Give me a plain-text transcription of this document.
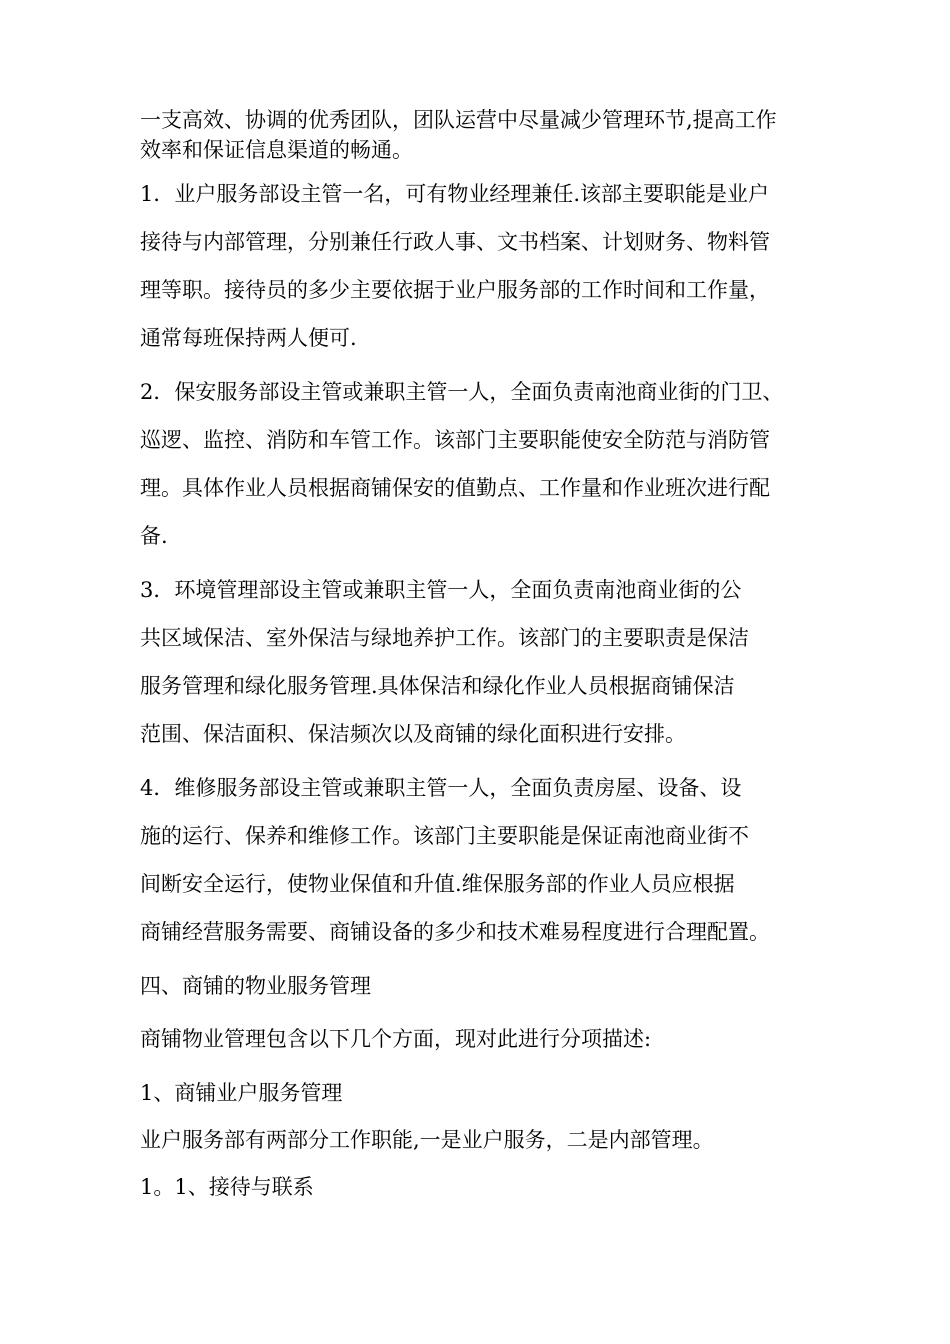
一支高效、协调的优秀团队，团队运营中尽量减少管理环节,提高工作
效率和保证信息渠道的畅通。
1．业户服务部设主管一名，可有物业经理兼任.该部主要职能是业户
接待与内部管理，分别兼任行政人事、文书档案、计划财务、物料管
理等职。接待员的多少主要依据于业户服务部的工作时间和工作量，
通常每班保持两人便可.
2．保安服务部设主管或兼职主管一人，全面负责南池商业街的门卫、
巡逻、监控、消防和车管工作。该部门主要职能使安全防范与消防管
理。具体作业人员根据商铺保安的值勤点、工作量和作业班次进行配
备.
3．环境管理部设主管或兼职主管一人，全面负责南池商业街的公
共区域保洁、室外保洁与绿地养护工作。该部门的主要职责是保洁
服务管理和绿化服务管理.具体保洁和绿化作业人员根据商铺保洁
范围、保洁面积、保洁频次以及商铺的绿化面积进行安排。
4．维修服务部设主管或兼职主管一人，全面负责房屋、设备、设
施的运行、保养和维修工作。该部门主要职能是保证南池商业街不
间断安全运行，使物业保值和升值.维保服务部的作业人员应根据
商铺经营服务需要、商铺设备的多少和技术难易程度进行合理配置。
四、商铺的物业服务管理
商铺物业管理包含以下几个方面，现对此进行分项描述:
1、商铺业户服务管理
业户服务部有两部分工作职能,一是业户服务，二是内部管理。
1。1、接待与联系
